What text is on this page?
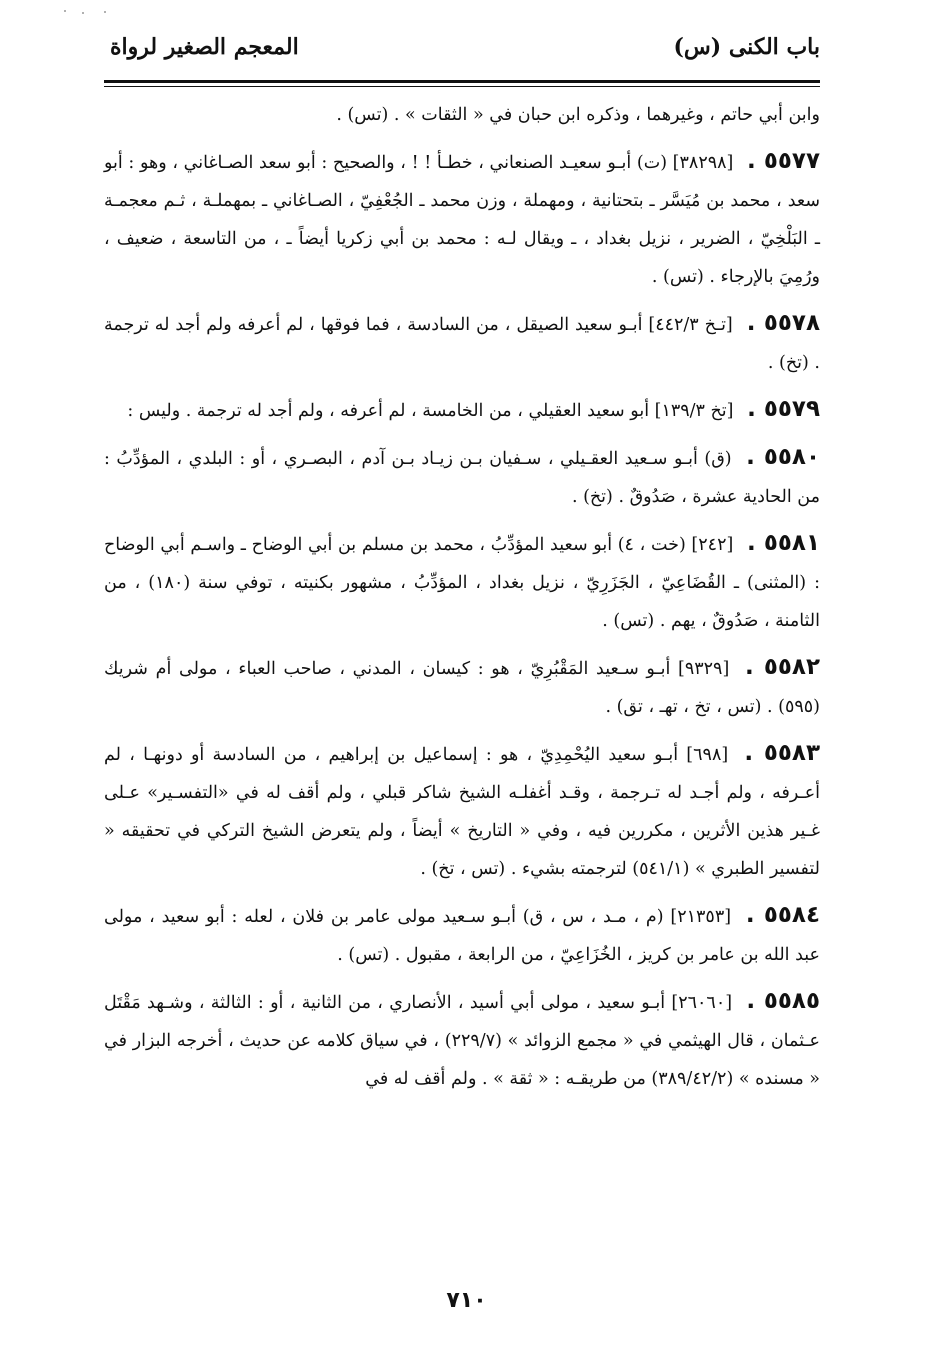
باب الكنى (س)
المعجم الصغير لرواة

وابن أبي حاتم ، وغيرهما ، وذكره ابن حبان في « الثقات » . (تس) .

٥٥٧٧ . [٣٨٢٩٨] (ت) أبـو سعيـد الصنعاني ، خطـأ ! ! ، والصحيح : أبو سعد الصـاغاني ، وهو : أبو سعد ، محمد بن مُيَسَّر ـ بتحتانية ، ومهملة ، وزن محمد ـ الجُعْفِيّ ، الصـاغاني ـ بمهملـة ، ثـم معجمـة ـ البَلْخِيّ ، الضرير ، نزيل بغداد ، ـ ويقال لـه : محمد بن أبي زكريا أيضاً ـ ، من التاسعة ، ضعيف ، ورُمِيَ بالإرجاء . (تس) .

٥٥٧٨ . [تـخ ٤٤٢/٣] أبـو سعيد الصيقل ، من السادسة ، فما فوقها ، لم أعرفه ولم أجد له ترجمة . (تخ) .

٥٥٧٩ . [تخ ١٣٩/٣] أبو سعيد العقيلي ، من الخامسة ، لم أعرفه ، ولم أجد له ترجمة . وليس :

٥٥٨٠ . (ق) أبـو سـعيد العقـيلي ، سـفيان بـن زيـاد بـن آدم ، البصـري ، أو : البلدي ، المؤدِّبُ : من الحادية عشرة ، صَدُوقٌ . (تخ) .

٥٥٨١ . [٢٤٢] (خت ، ٤) أبو سعيد المؤدِّبُ ، محمد بن مسلم بن أبي الوضاح ـ واسـم أبي الوضاح : (المثنى) ـ القُضَاعِيّ ، الجَزَرِيّ ، نزيل بغداد ، المؤدِّبُ ، مشهور بكنيته ، توفي سنة (١٨٠) ، من الثامنة ، صَدُوقٌ ، يهم . (تس) .

٥٥٨٢ . [٩٣٢٩] أبـو سـعيد المَقْبُرِيّ ، هو : كيسان ، المدني ، صاحب العباء ، مولى أم شريك (٥٩٥) . (تس ، تخ ، تهـ ، تق) .

٥٥٨٣ . [٦٩٨] أبـو سعيد اليُحْمِدِيّ ، هو : إسماعيل بن إبراهيم ، من السادسة أو دونهـا ، لم أعـرفه ، ولم أجـد له تـرجمة ، وقـد أغفلـه الشيخ شاكر قبلي ، ولم أقف له في «التفسـير» عـلى غـير هذين الأثرين ، مكررين فيه ، وفي « التاريخ » أيضاً ، ولم يتعرض الشيخ التركي في تحقيقه « لتفسير الطبري » (٥٤١/١) لترجمته بشيء . (تس ، تخ) .

٥٥٨٤ . [٢١٣٥٣] (م ، مـد ، س ، ق) أبـو سـعيد مولى عامر بن فلان ، لعله : أبو سعيد ، مولى عبد الله بن عامر بن كريز ، الخُزَاعِيّ ، من الرابعة ، مقبول . (تس) .

٥٥٨٥ . [٢٦٠٦٠] أبـو سعيد ، مولى أبي أسيد ، الأنصاري ، من الثانية ، أو : الثالثة ، وشـهد مَقْتَل عـثمان ، قال الهيثمي في « مجمع الزوائد » (٢٢٩/٧) ، في سياق كلامه عن حديث ، أخرجه البزار في « مسنده » (٣٨٩/٤٢/٢) من طريقـه : « ثقة » . ولم أقف له في

٧١٠
